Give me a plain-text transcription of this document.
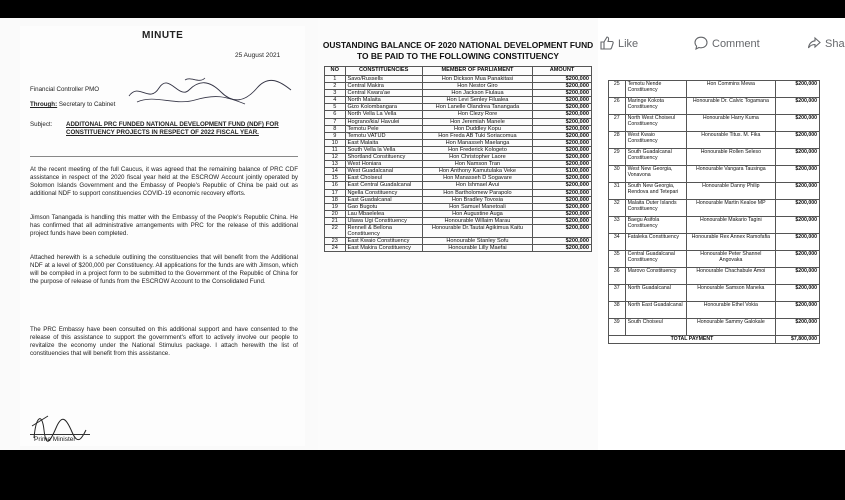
MINUTE
25 August 2021
Financial Controller PMO
Through: Secretary to Cabinet
Subject: ADDITONAL PRC FUNDED NATIONAL DEVELOPMENT FUND (NDF) FOR CONSTITUENCY PROJECTS IN RESPECT OF 2022 FISCAL YEAR.
At the recent meeting of the full Caucus, it was agreed that the remaining balance of PRC CDF assistance in respect of the 2020 fiscal year held at the ESCROW Account jointly operated by Solomon Islands Government and the Embassy of People's Republic of China be paid out as additional NDF to support constituencies COVID-19 economic recovery efforts.
Jimson Tanangada is handling this matter with the Embassy of the People's Republic China. He has confirmed that all administrative arrangements with PRC for the release of this additional project funds have been completed.
Attached herewith is a schedule outlining the constituencies that will benefit from the Additional NDF at a level of $200,000 per Constituency. All applications for the funds are with Jimson, which will be compiled in a project form to be submitted to the Government of the Republic of China for the purpose of release of funds from the ESCROW Account to the Consolidated Fund.
The PRC Embassy have been consulted on this additional support and have consented to the release of this assistance to support the government's effort to actively involve our people to revitalize the economy under the National Stimulus package. I attach herewith the list of constituencies that will benefit from this assistance.
Prime Minister
OUSTANDING BALANCE OF 2020 NATIONAL DEVELOPMENT FUND TO BE PAID TO THE FOLLOWING CONSTITUENCY
NO	CONSTITUENCIES	MEMBER OF PARLIAMENT	AMOUNT
1	Savo/Russells	Hon Dickson Mua Panakitasi	$200,000
2	Central Makira	Hon Nestor Giro	$200,000
3	Central Kwara'ae	Hon Jackson Fiulaua	$200,000
4	North Malaita	Hon Levi Senley Filualea	$200,000
5	Gizo Kolombangara	Hon Lanelle Olandrea Tanangada	$200,000
6	North Vella La Vella	Hon Clezy Rore	$200,000
7	Hograno/kia/ Havulei	Hon Jeremiah Manele	$200,000
8	Temotu Pele	Hon Duddley Kopu	$200,000
9	Temotu VATUD	Hon Freda AB Tuki Soriacomua	$200,000
10	East Malaita	Hon Manasseh Maelanga	$200,000
11	South Vella la Vella	Hon Frederick Kologeto	$200,000
12	Shortland Constituency	Hon Christopher Laore	$200,000
13	West Honiara	Hon Namson Tran	$200,000
14	West Guadalcanal	Hon Anthony Kamutulaka Veke	$100,000
15	East Choiseul	Hon Manasseh D Sogavare	$200,000
16	East Central Guadalcanal	Hon Ishmael Avui	$200,000
17	Ngella Constituency	Hon Bartholomew Parapolo	$200,000
18	East Guadalcanal	Hon Bradley Tovosia	$200,000
19	Gao Bugotu	Hon Samuel Manetoali	$200,000
20	Lau Mbaelelea	Hon Augustine Auga	$200,000
21	Ulawa Ugi Constituency	Honourable Willaim Marau	$200,000
22	Rennell & Bellona Constituency	Honourable Dr.Tautai Agikimua Kaitu	$200,000
23	East Kwaio Constituency	Honourable Stanley Sofu	$200,000
24	East Makira Constituency	Honourable Lilly Maefai	$200,000
Like	Comment	Sha
25	Temotu Nende Constituency	Hon Commins Mewa	$200,000
26	Maringe Kokota Constituency	Honourable Dr. Calvic Togamana	$200,000
27	North West Choiseul Constituency	Honourable Harry Kuma	$200,000
28	West Kwaio Constituency	Honourable Titus. M. Fika	$200,000
29	South Guadalcanal Constituency	Honourable Rollen Seleso	$200,000
30	West New Georgia, Vonavona	Honourable Vangara Tausinga	$200,000
31	South New Georgia, Rendova and Tetepari	Honourable Danny Philip	$200,000
32	Malaita Outer Islands Constituency	Honourable Martin Kealoe MP	$200,000
33	Baegu Asifola Constituency	Honourable Makario Tagini	$200,000
34	Fataleka Constituency	Honourable Rex Annex Ramofafia	$200,000
35	Central Guadalcanal Constituency	Honourable Peter Shannel Angovaka	$200,000
36	Marovo Constituency	Honourable Chachabule Amoi	$200,000
37	North Guadalcanal	Honourable Samson Maneka	$200,000
38	North East Guadalcanal	Honourable Ethel Vokia	$200,000
39	South Choiseul	Honourable Sammy Galokale	$200,000
TOTAL PAYMENT			$7,800,000
